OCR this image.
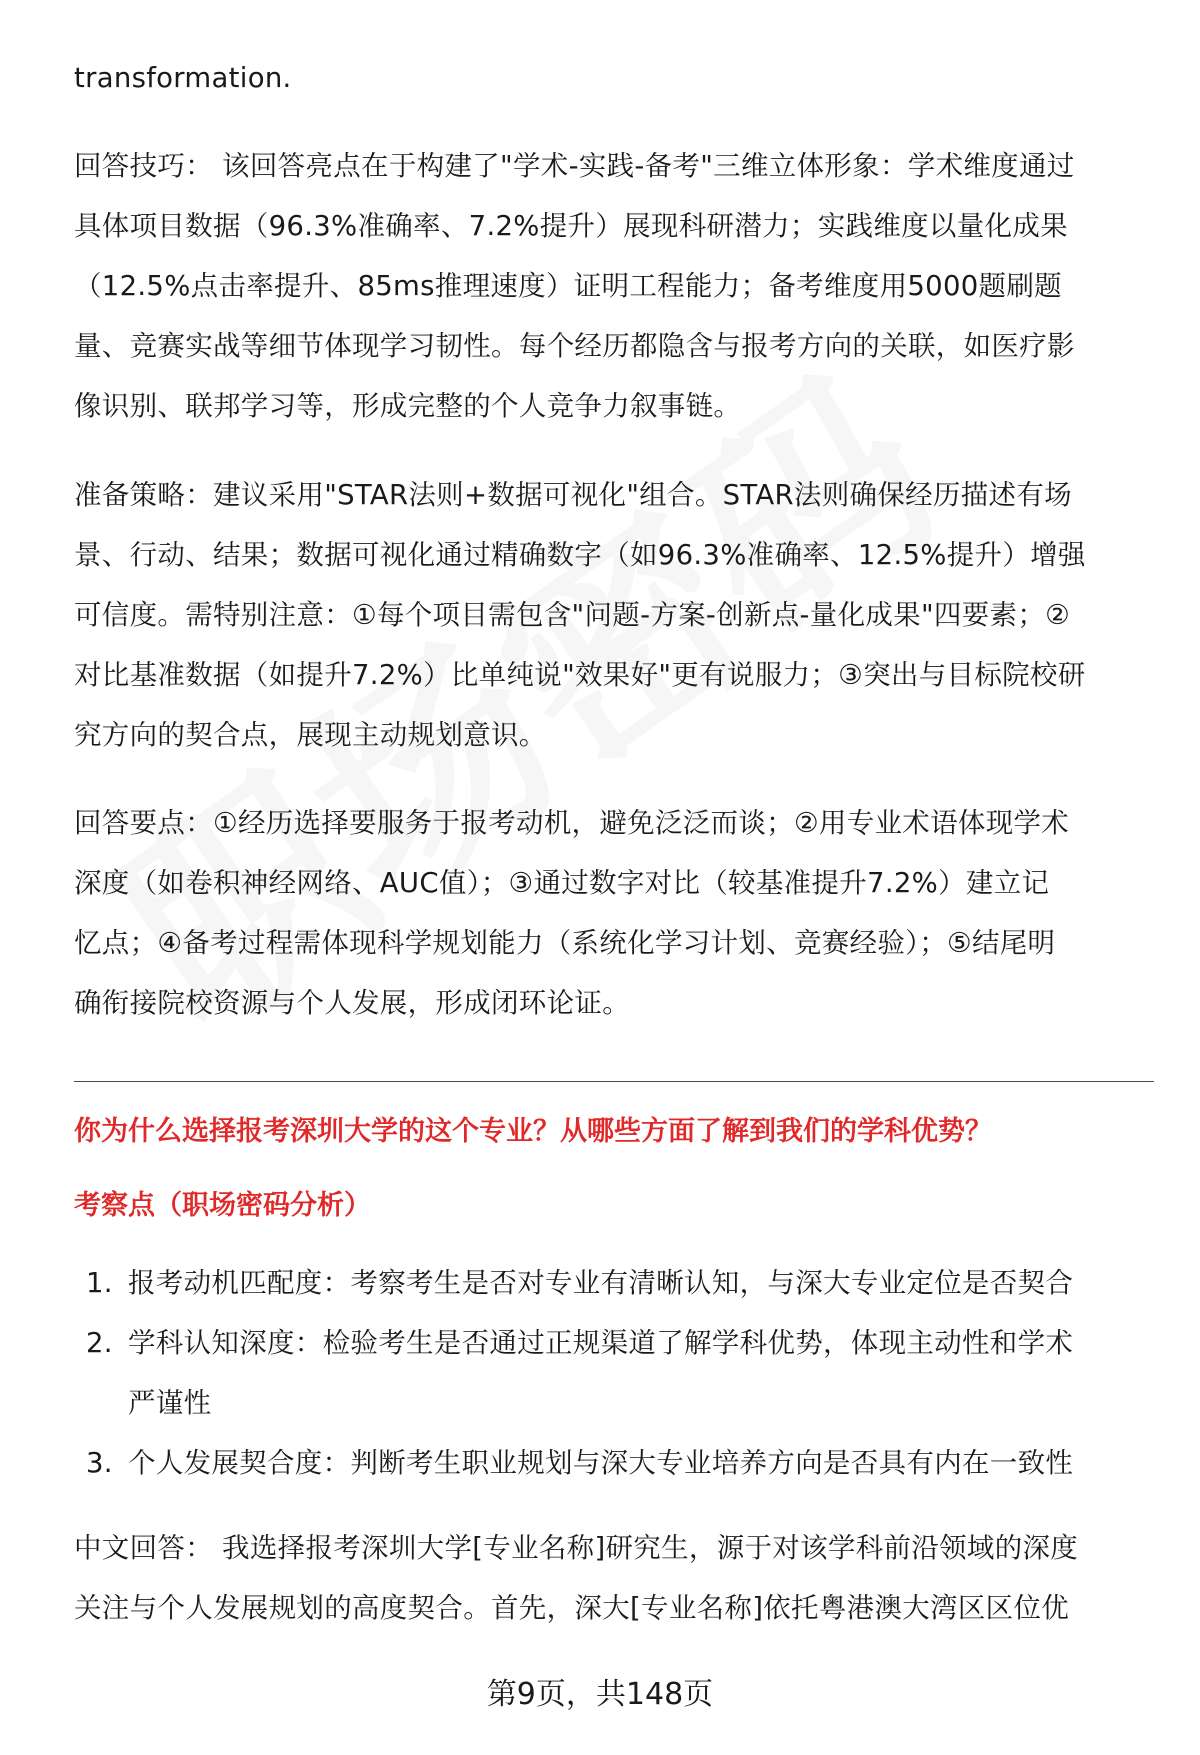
transformation.

回答技巧： 该回答亮点在于构建了"学术-实践-备考"三维立体形象：学术维度通过

具体项目数据（96.3%准确率、7.2%提升）展现科研潜力；实践维度以量化成果

（12.5%点击率提升、85ms推理速度）证明工程能力；备考维度用5000题刷题

量、竞赛实战等细节体现学习韧性。每个经历都隐含与报考方向的关联，如医疗影

像识别、联邦学习等，形成完整的个人竞争力叙事链。

准备策略：建议采用"STAR法则+数据可视化"组合。STAR法则确保经历描述有场

景、行动、结果；数据可视化通过精确数字（如96.3%准确率、12.5%提升）增强

可信度。需特别注意：①每个项目需包含"问题-方案-创新点-量化成果"四要素；②

对比基准数据（如提升7.2%）比单纯说"效果好"更有说服力；③突出与目标院校研

究方向的契合点，展现主动规划意识。

回答要点：①经历选择要服务于报考动机，避免泛泛而谈；②用专业术语体现学术

深度（如卷积神经网络、AUC值）；③通过数字对比（较基准提升7.2%）建立记

忆点；④备考过程需体现科学规划能力（系统化学习计划、竞赛经验）；⑤结尾明

确衔接院校资源与个人发展，形成闭环论证。

你为什么选择报考深圳大学的这个专业？从哪些方面了解到我们的学科优势？

考察点（职场密码分析）

1. 报考动机匹配度：考察考生是否对专业有清晰认知，与深大专业定位是否契合
2. 学科认知深度：检验考生是否通过正规渠道了解学科优势，体现主动性和学术
严谨性
3. 个人发展契合度：判断考生职业规划与深大专业培养方向是否具有内在一致性

中文回答： 我选择报考深圳大学[专业名称]研究生，源于对该学科前沿领域的深度

关注与个人发展规划的高度契合。首先，深大[专业名称]依托粤港澳大湾区区位优

第9页，共148页
